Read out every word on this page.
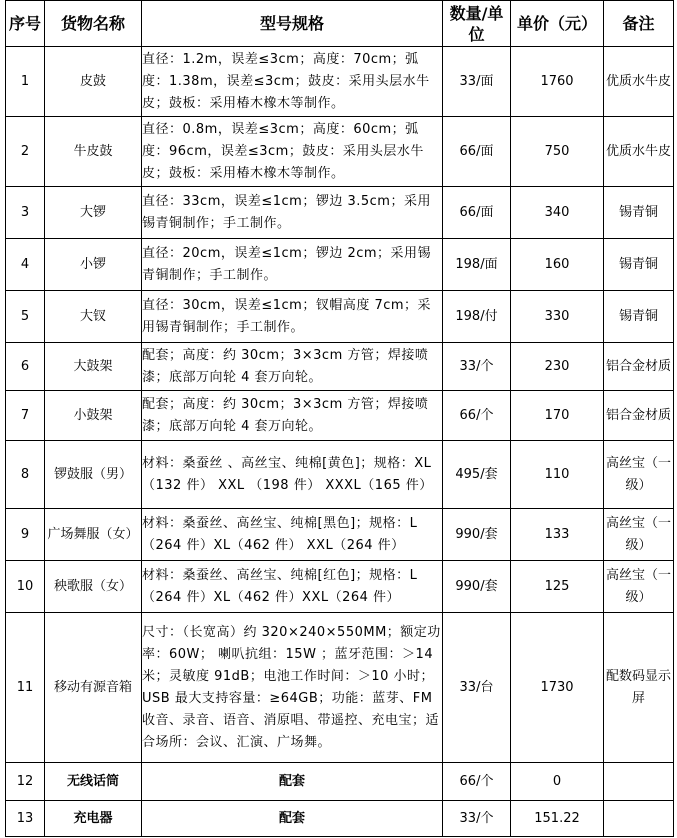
序号	货物名称	型号规格	数量/单位	单价（元）	备注
1	皮鼓	直径：1.2m，误差≤3cm；高度：70cm；弧度：1.38m，误差≤3cm；鼓皮：采用头层水牛皮；鼓板：采用椿木橡木等制作。	33/面	1760	优质水牛皮
2	牛皮鼓	直径：0.8m，误差≤3cm；高度：60cm；弧度：96cm，误差≤3cm；鼓皮：采用头层水牛皮；鼓板：采用椿木橡木等制作。	66/面	750	优质水牛皮
3	大锣	直径：33cm，误差≤1cm；锣边 3.5cm；采用锡青铜制作；手工制作。	66/面	340	锡青铜
4	小锣	直径：20cm，误差≤1cm；锣边 2cm；采用锡青铜制作；手工制作。	198/面	160	锡青铜
5	大钗	直径：30cm，误差≤1cm；钗帽高度 7cm；采用锡青铜制作；手工制作。	198/付	330	锡青铜
6	大鼓架	配套；高度：约 30cm；3×3cm 方管；焊接喷漆；底部万向轮 4 套万向轮。	33/个	230	铝合金材质
7	小鼓架	配套；高度：约 30cm；3×3cm 方管；焊接喷漆；底部万向轮 4 套万向轮。	66/个	170	铝合金材质
8	锣鼓服（男）	材料：桑蚕丝 、高丝宝、纯棉[黄色]；规格：XL（132 件） XXL （198 件） XXXL（165 件）	495/套	110	高丝宝（一级）
9	广场舞服（女）	材料：桑蚕丝、高丝宝、纯棉[黑色]；规格：L（264 件）XL（462 件） XXL（264 件）	990/套	133	高丝宝（一级）
10	秧歌服（女）	材料：桑蚕丝、高丝宝、纯棉[红色]；规格：L（264 件）XL（462 件）XXL（264 件）	990/套	125	高丝宝（一级）
11	移动有源音箱	尺寸：（长宽高）约 320×240×550MM；额定功率：60W； 喇叭抗组：15W ；蓝牙范围：＞14 米；灵敏度 91dB；电池工作时间：＞10 小时；USB 最大支持容量：≥64GB；功能：蓝芽、FM 收音、录音、语音、消原唱、带遥控、充电宝；适合场所：会议、汇演、广场舞。	33/台	1730	配数码显示屏
12	无线话筒	配套	66/个	0	
13	充电器	配套	33/个	151.22	
